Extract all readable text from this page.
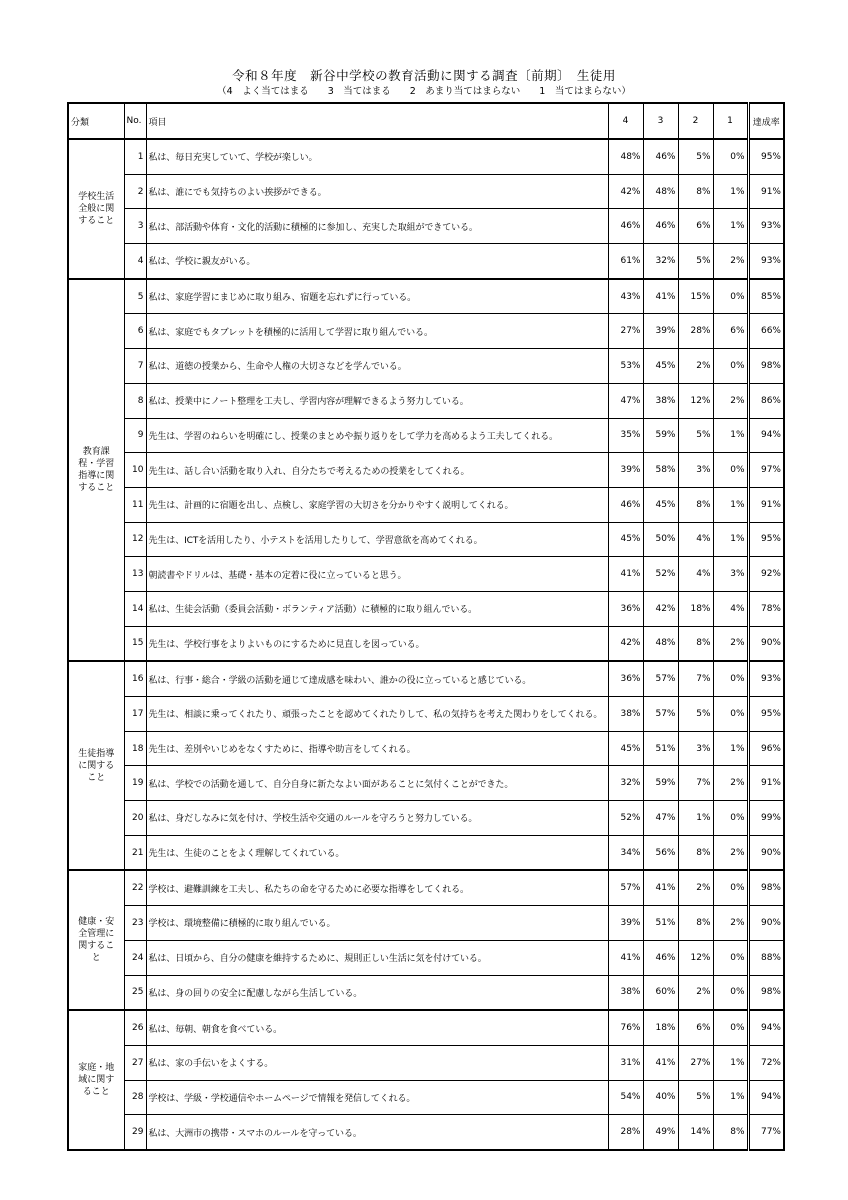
令和８年度　新谷中学校の教育活動に関する調査〔前期〕　生徒用
（4　よく当てはまる　　3　当てはまる　　2　あまり当てはまらない　　1　当てはまらない）
分類	No.	項目	4	3	2	1	達成率
学校生活全般に関すること	1	私は、毎日充実していて、学校が楽しい。	48%	46%	5%	0%	95%
	2	私は、誰にでも気持ちのよい挨拶ができる。	42%	48%	8%	1%	91%
	3	私は、部活動や体育・文化的活動に積極的に参加し、充実した取組ができている。	46%	46%	6%	1%	93%
	4	私は、学校に親友がいる。	61%	32%	5%	2%	93%
教育課程・学習指導に関すること	5	私は、家庭学習にまじめに取り組み、宿題を忘れずに行っている。	43%	41%	15%	0%	85%
	6	私は、家庭でもタブレットを積極的に活用して学習に取り組んでいる。	27%	39%	28%	6%	66%
	7	私は、道徳の授業から、生命や人権の大切さなどを学んでいる。	53%	45%	2%	0%	98%
	8	私は、授業中にノート整理を工夫し、学習内容が理解できるよう努力している。	47%	38%	12%	2%	86%
	9	先生は、学習のねらいを明確にし、授業のまとめや振り返りをして学力を高めるよう工夫してくれる。	35%	59%	5%	1%	94%
	10	先生は、話し合い活動を取り入れ、自分たちで考えるための授業をしてくれる。	39%	58%	3%	0%	97%
	11	先生は、計画的に宿題を出し、点検し、家庭学習の大切さを分かりやすく説明してくれる。	46%	45%	8%	1%	91%
	12	先生は、ICTを活用したり、小テストを活用したりして、学習意欲を高めてくれる。	45%	50%	4%	1%	95%
	13	朝読書やドリルは、基礎・基本の定着に役に立っていると思う。	41%	52%	4%	3%	92%
	14	私は、生徒会活動（委員会活動・ボランティア活動）に積極的に取り組んでいる。	36%	42%	18%	4%	78%
	15	先生は、学校行事をよりよいものにするために見直しを図っている。	42%	48%	8%	2%	90%
生徒指導に関すること	16	私は、行事・総合・学級の活動を通じて達成感を味わい、誰かの役に立っていると感じている。	36%	57%	7%	0%	93%
	17	先生は、相談に乗ってくれたり、頑張ったことを認めてくれたりして、私の気持ちを考えた関わりをしてくれる。	38%	57%	5%	0%	95%
	18	先生は、差別やいじめをなくすために、指導や助言をしてくれる。	45%	51%	3%	1%	96%
	19	私は、学校での活動を通して、自分自身に新たなよい面があることに気付くことができた。	32%	59%	7%	2%	91%
	20	私は、身だしなみに気を付け、学校生活や交通のルールを守ろうと努力している。	52%	47%	1%	0%	99%
	21	先生は、生徒のことをよく理解してくれている。	34%	56%	8%	2%	90%
健康・安全管理に関すること	22	学校は、避難訓練を工夫し、私たちの命を守るために必要な指導をしてくれる。	57%	41%	2%	0%	98%
	23	学校は、環境整備に積極的に取り組んでいる。	39%	51%	8%	2%	90%
	24	私は、日頃から、自分の健康を維持するために、規則正しい生活に気を付けている。	41%	46%	12%	0%	88%
	25	私は、身の回りの安全に配慮しながら生活している。	38%	60%	2%	0%	98%
家庭・地域に関すること	26	私は、毎朝、朝食を食べている。	76%	18%	6%	0%	94%
	27	私は、家の手伝いをよくする。	31%	41%	27%	1%	72%
	28	学校は、学級・学校通信やホームページで情報を発信してくれる。	54%	40%	5%	1%	94%
	29	私は、大洲市の携帯・スマホのルールを守っている。	28%	49%	14%	8%	77%
